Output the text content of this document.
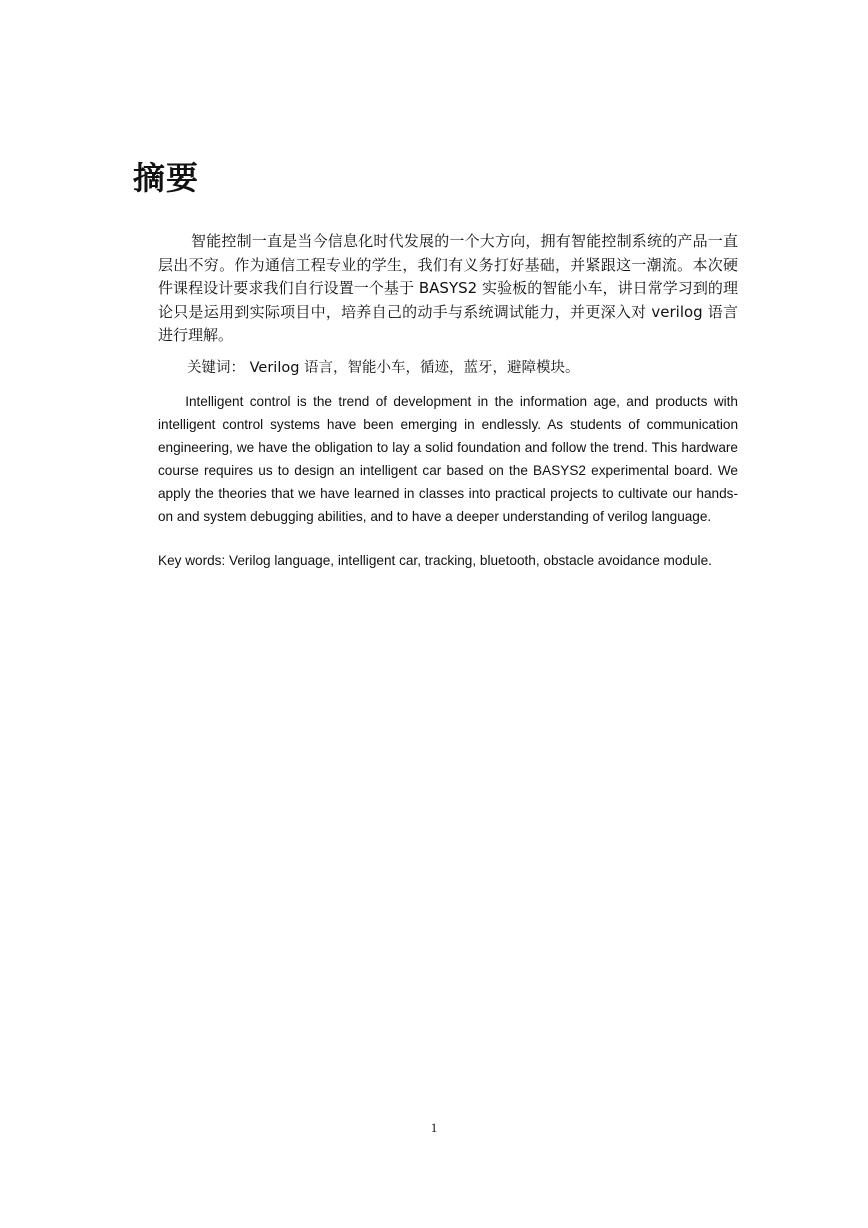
摘要

智能控制一直是当今信息化时代发展的一个大方向，拥有智能控制系统的产品一直层出不穷。作为通信工程专业的学生，我们有义务打好基础，并紧跟这一潮流。本次硬件课程设计要求我们自行设置一个基于 BASYS2 实验板的智能小车，讲日常学习到的理论只是运用到实际项目中，培养自己的动手与系统调试能力，并更深入对 verilog 语言进行理解。

关键词： Verilog 语言，智能小车，循迹，蓝牙，避障模块。

Intelligent control is the trend of development in the information age, and products with intelligent control systems have been emerging in endlessly. As students of communication engineering, we have the obligation to lay a solid foundation and follow the trend. This hardware course requires us to design an intelligent car based on the BASYS2 experimental board. We apply the theories that we have learned in classes into practical projects to cultivate our hands-on and system debugging abilities, and to have a deeper understanding of verilog language.

Key words: Verilog language, intelligent car, tracking, bluetooth, obstacle avoidance module.

1
